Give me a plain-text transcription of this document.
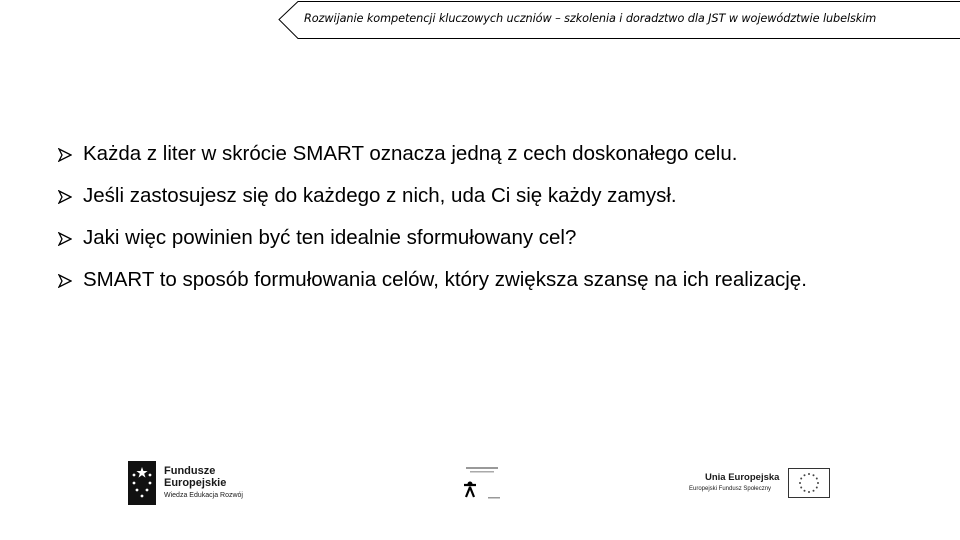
Rozwijanie kompetencji kluczowych uczniów – szkolenia i doradztwo dla JST w województwie lubelskim
Każda z liter w skrócie SMART oznacza jedną z cech doskonałego celu.
Jeśli zastosujesz się do każdego z nich, uda Ci się każdy zamysł.
Jaki więc powinien być ten idealnie sformułowany cel?
SMART to sposób formułowania celów, który zwiększa szansę na ich realizację.
Fundusze
Europejskie
Wiedza Edukacja Rozwój
Unia Europejska
Europejski Fundusz Społeczny
